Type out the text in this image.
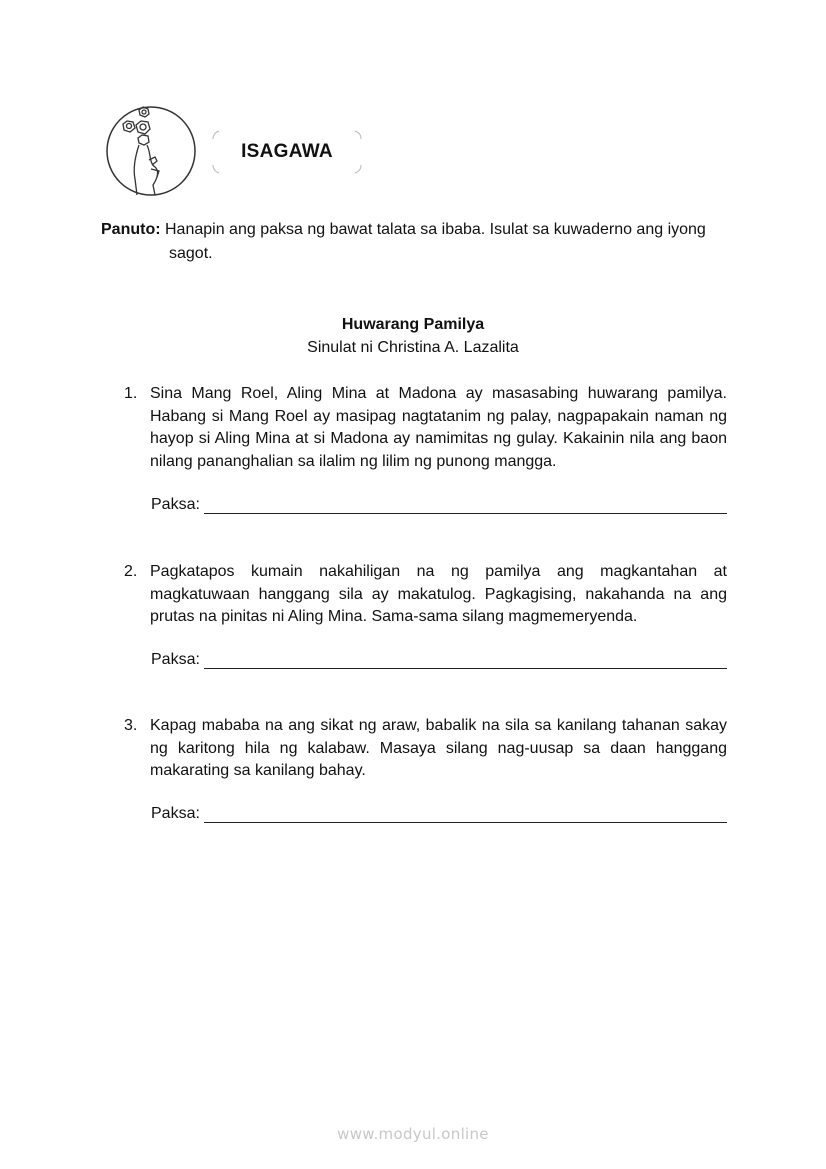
ISAGAWA
Panuto: Hanapin ang paksa ng bawat talata sa ibaba. Isulat sa kuwaderno ang iyong
sagot.
Huwarang Pamilya
Sinulat ni Christina A. Lazalita
1. Sina Mang Roel, Aling Mina at Madona ay masasabing huwarang pamilya. Habang si Mang Roel ay masipag nagtatanim ng palay, nagpapakain naman ng hayop si Aling Mina at si Madona ay namimitas ng gulay. Kakainin nila ang baon nilang pananghalian sa ilalim ng lilim ng punong mangga.
Paksa:
2. Pagkatapos kumain nakahiligan na ng pamilya ang magkantahan at magkatuwaan hanggang sila ay makatulog. Pagkagising, nakahanda na ang prutas na pinitas ni Aling Mina. Sama-sama silang magmemeryenda.
Paksa:
3. Kapag mababa na ang sikat ng araw, babalik na sila sa kanilang tahanan sakay ng karitong hila ng kalabaw. Masaya silang nag-uusap sa daan hanggang makarating sa kanilang bahay.
Paksa:
www.modyul.online
